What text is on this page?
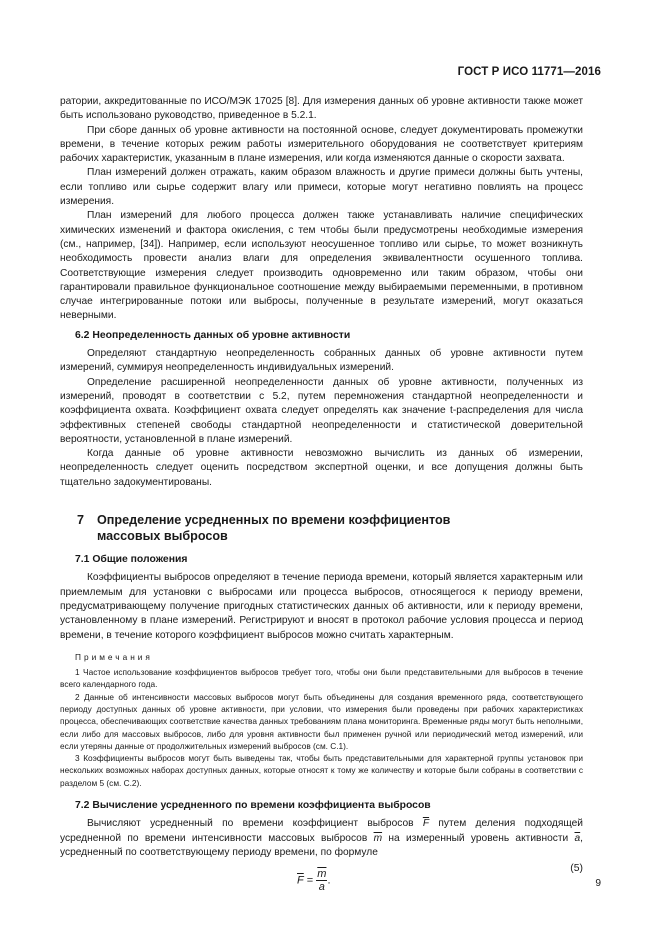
ГОСТ Р ИСО 11771—2016

ратории, аккредитованные по ИСО/МЭК 17025 [8]. Для измерения данных об уровне активности также может быть использовано руководство, приведенное в 5.2.1.

При сборе данных об уровне активности на постоянной основе, следует документировать промежутки времени, в течение которых режим работы измерительного оборудования не соответствует критериям рабочих характеристик, указанным в плане измерения, или когда изменяются данные о скорости захвата.

План измерений должен отражать, каким образом влажность и другие примеси должны быть учтены, если топливо или сырье содержит влагу или примеси, которые могут негативно повлиять на процесс измерения.

План измерений для любого процесса должен также устанавливать наличие специфических химических изменений и фактора окисления, с тем чтобы были предусмотрены необходимые измерения (см., например, [34]). Например, если используют неосушенное топливо или сырье, то может возникнуть необходимость провести анализ влаги для определения эквивалентности осушенного топлива. Соответствующие измерения следует производить одновременно или таким образом, чтобы они гарантировали правильное функциональное соотношение между выбираемыми переменными, в противном случае интегрированные потоки или выбросы, полученные в результате измерений, могут оказаться неверными.

6.2 Неопределенность данных об уровне активности

Определяют стандартную неопределенность собранных данных об уровне активности путем измерений, суммируя неопределенность индивидуальных измерений.

Определение расширенной неопределенности данных об уровне активности, полученных из измерений, проводят в соответствии с 5.2, путем перемножения стандартной неопределенности и коэффициента охвата. Коэффициент охвата следует определять как значение t-распределения для числа эффективных степеней свободы стандартной неопределенности и статистической доверительной вероятности, установленной в плане измерений.

Когда данные об уровне активности невозможно вычислить из данных об измерении, неопределенность следует оценить посредством экспертной оценки, и все допущения должны быть тщательно задокументированы.

7 Определение усредненных по времени коэффициентов
массовых выбросов
7.1 Общие положения

Коэффициенты выбросов определяют в течение периода времени, который является характерным или приемлемым для установки с выбросами или процесса выбросов, относящегося к периоду времени, предусматривающему получение пригодных статистических данных об активности, или к периоду времени, установленному в плане измерений. Регистрируют и вносят в протокол рабочие условия процесса и период времени, в течение которого коэффициент выбросов можно считать характерным.

Примечания

1 Частое использование коэффициентов выбросов требует того, чтобы они были представительными для выбросов в течение всего календарного года.

2 Данные об интенсивности массовых выбросов могут быть объединены для создания временного ряда, соответствующего периоду доступных данных об уровне активности, при условии, что измерения были проведены при рабочих характеристиках процесса, обеспечивающих соответствие качества данных требованиям плана мониторинга. Временные ряды могут быть неполными, если либо для массовых выбросов, либо для уровня активности был применен ручной или периодический метод измерений, или если утеряны данные от продолжительных измерений выбросов (см. С.1).

3 Коэффициенты выбросов могут быть выведены так, чтобы быть представительными для характерной группы установок при нескольких возможных наборах доступных данных, которые относят к тому же количеству и которые были собраны в соответствии с разделом 5 (см. С.2).

7.2 Вычисление усредненного по времени коэффициента выбросов

Вычисляют усредненный по времени коэффициент выбросов $\overline{F}$ путем деления подходящей усредненной по времени интенсивности массовых выбросов $\overline{m}$ на измеренный уровень активности $\overline{a}$, усредненный по соответствующему периоду времени, по формуле

$\overline{F} = \frac{\overline{m}}{a}$ .
(5)
9
